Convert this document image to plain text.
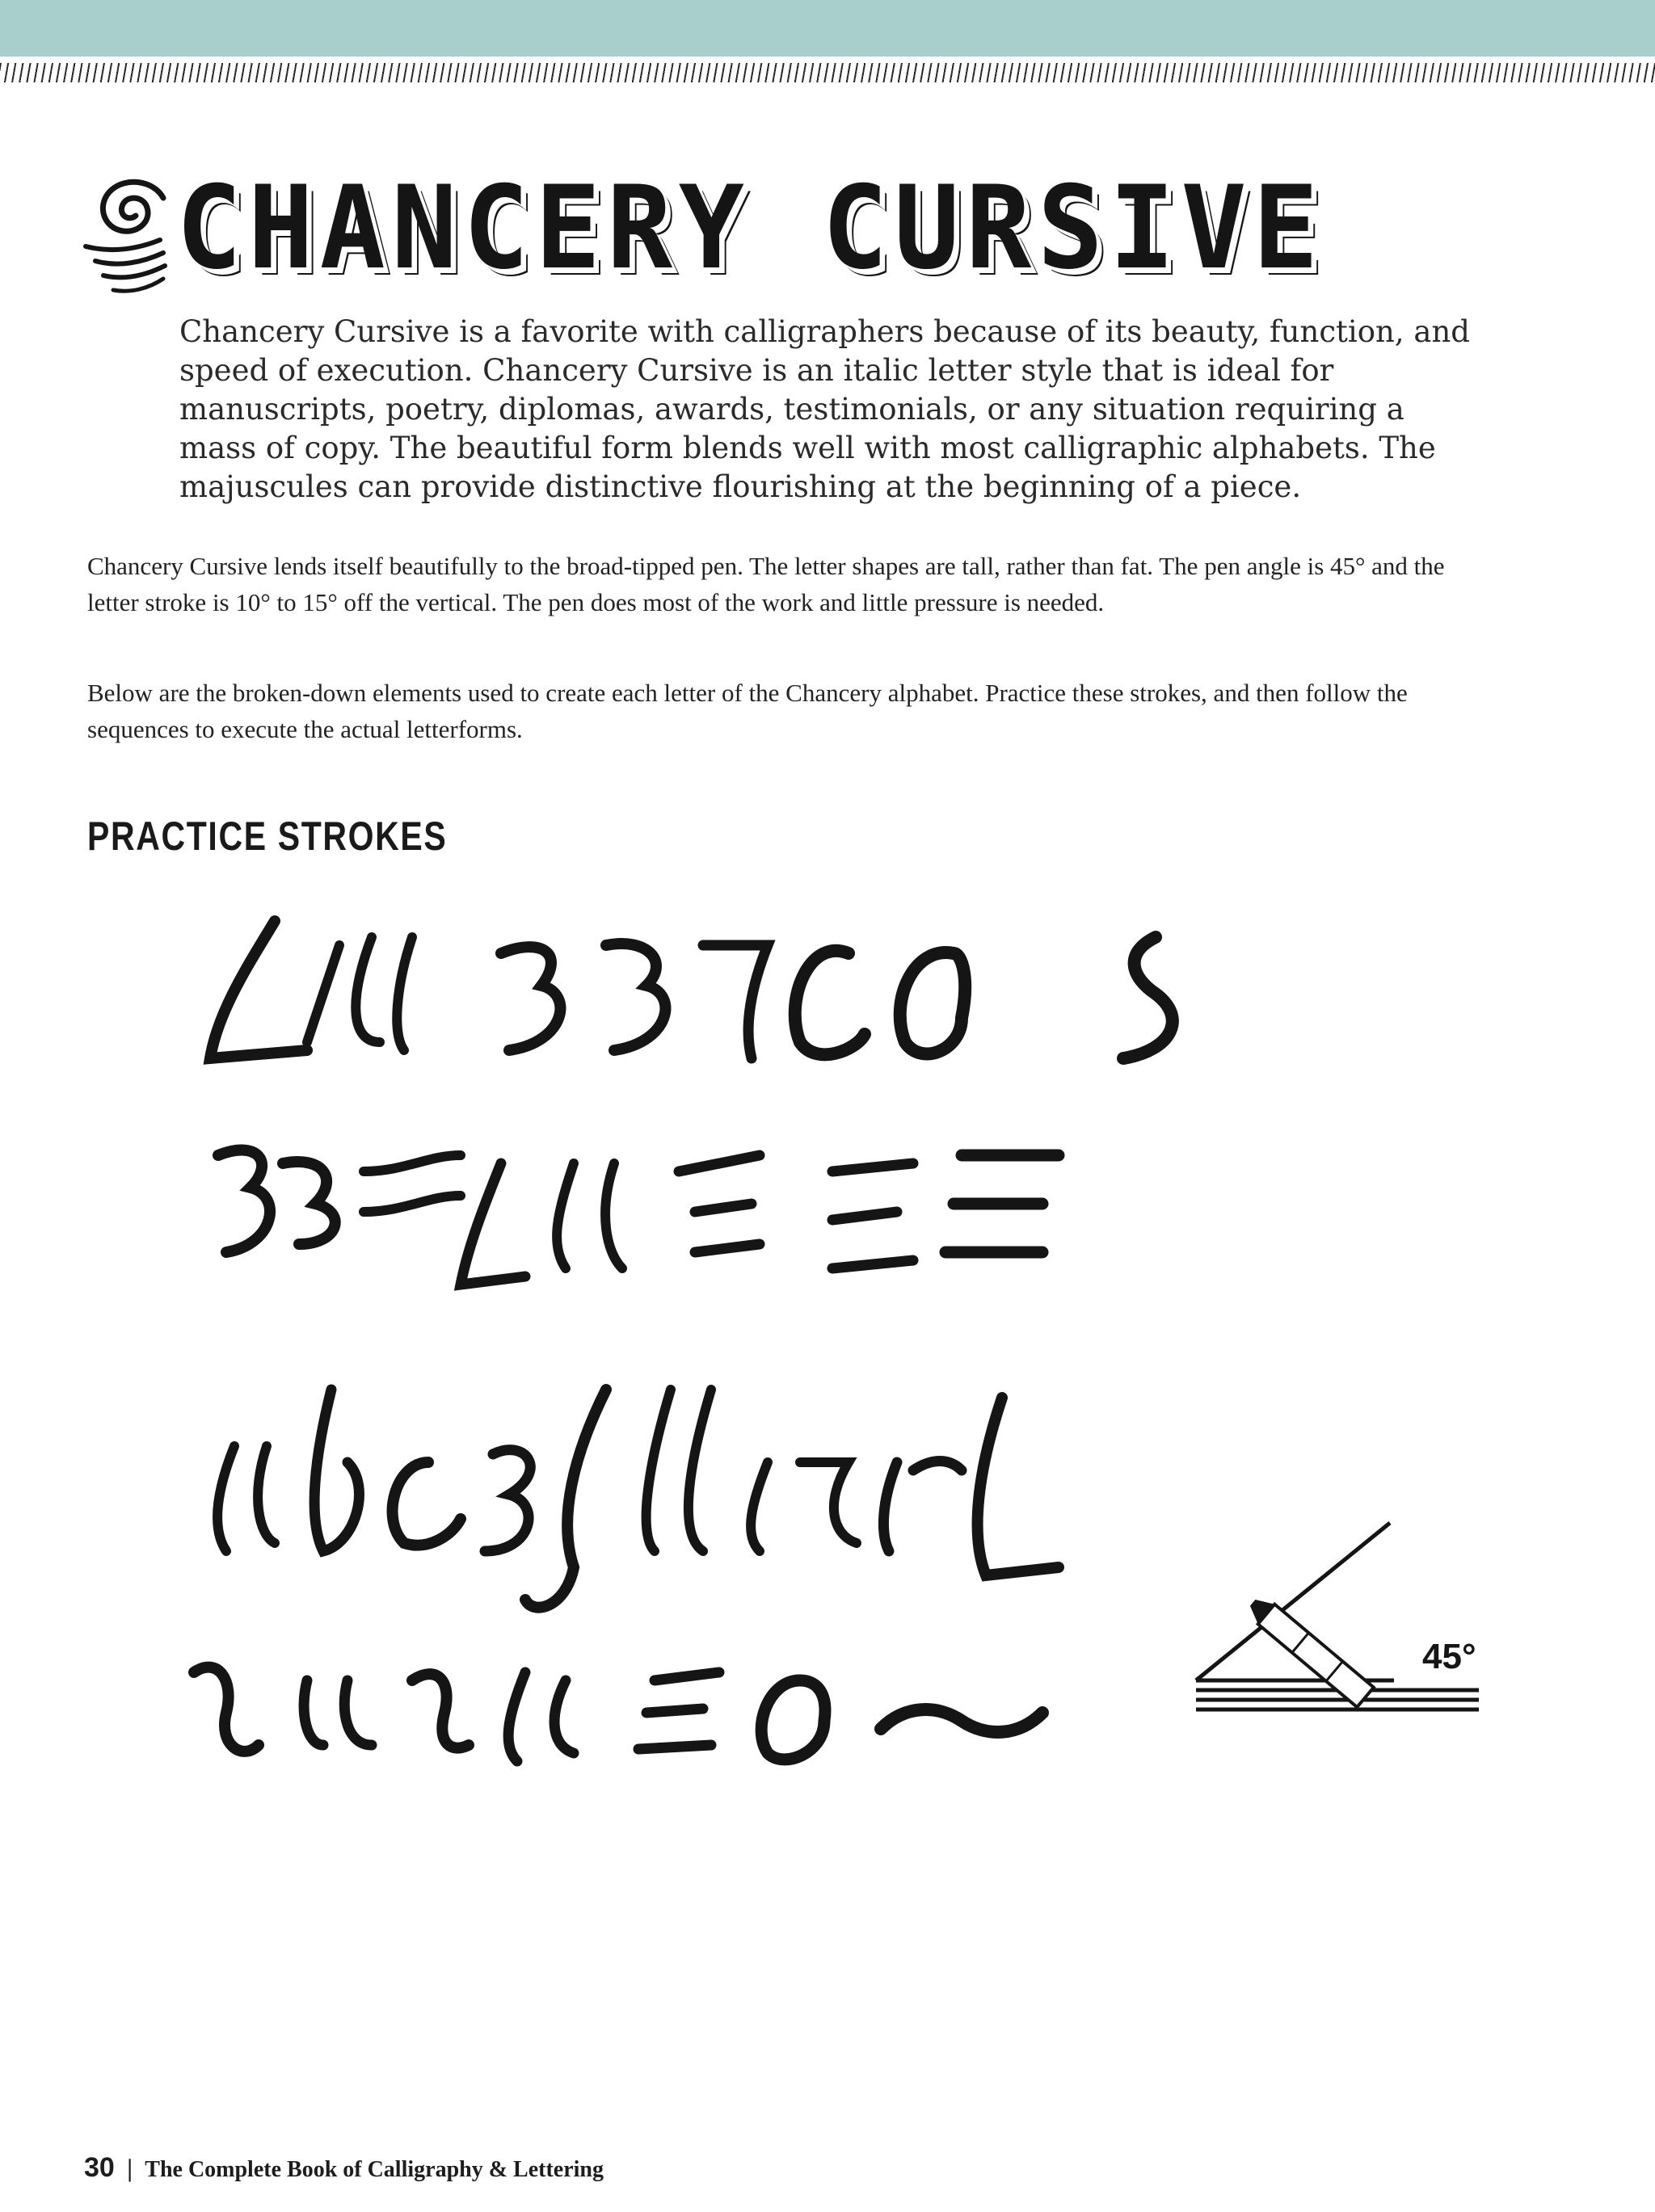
CHANCERY CURSIVE

Chancery Cursive is a favorite with calligraphers because of its beauty, function, and speed of execution. Chancery Cursive is an italic letter style that is ideal for manuscripts, poetry, diplomas, awards, testimonials, or any situation requiring a mass of copy. The beautiful form blends well with most calligraphic alphabets. The majuscules can provide distinctive flourishing at the beginning of a piece.

Chancery Cursive lends itself beautifully to the broad-tipped pen. The letter shapes are tall, rather than fat. The pen angle is 45° and the letter stroke is 10° to 15° off the vertical. The pen does most of the work and little pressure is needed.

Below are the broken-down elements used to create each letter of the Chancery alphabet. Practice these strokes, and then follow the sequences to execute the actual letterforms.

PRACTICE STROKES
45°
30 | The Complete Book of Calligraphy & Lettering
